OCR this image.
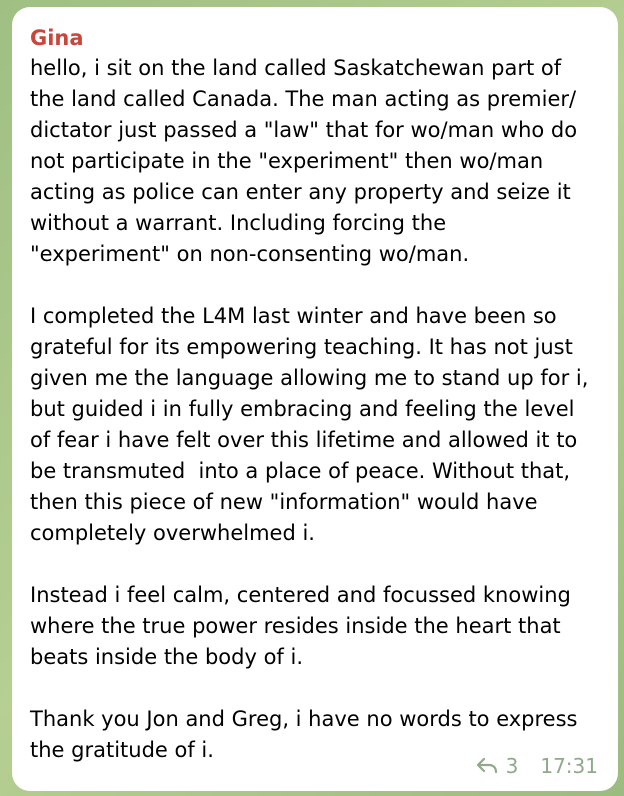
Gina

hello, i sit on the land called Saskatchewan part of
the land called Canada. The man acting as premier/
dictator just passed a "law" that for wo/man who do
not participate in the "experiment" then wo/man
acting as police can enter any property and seize it
without a warrant. Including forcing the
"experiment" on non-consenting wo/man.

I completed the L4M last winter and have been so
grateful for its empowering teaching. It has not just
given me the language allowing me to stand up for i,
but guided i in fully embracing and feeling the level
of fear i have felt over this lifetime and allowed it to
be transmuted  into a place of peace. Without that,
then this piece of new "information" would have
completely overwhelmed i.

Instead i feel calm, centered and focussed knowing
where the true power resides inside the heart that
beats inside the body of i.

Thank you Jon and Greg, i have no words to express
the gratitude of i.

3 17:31
